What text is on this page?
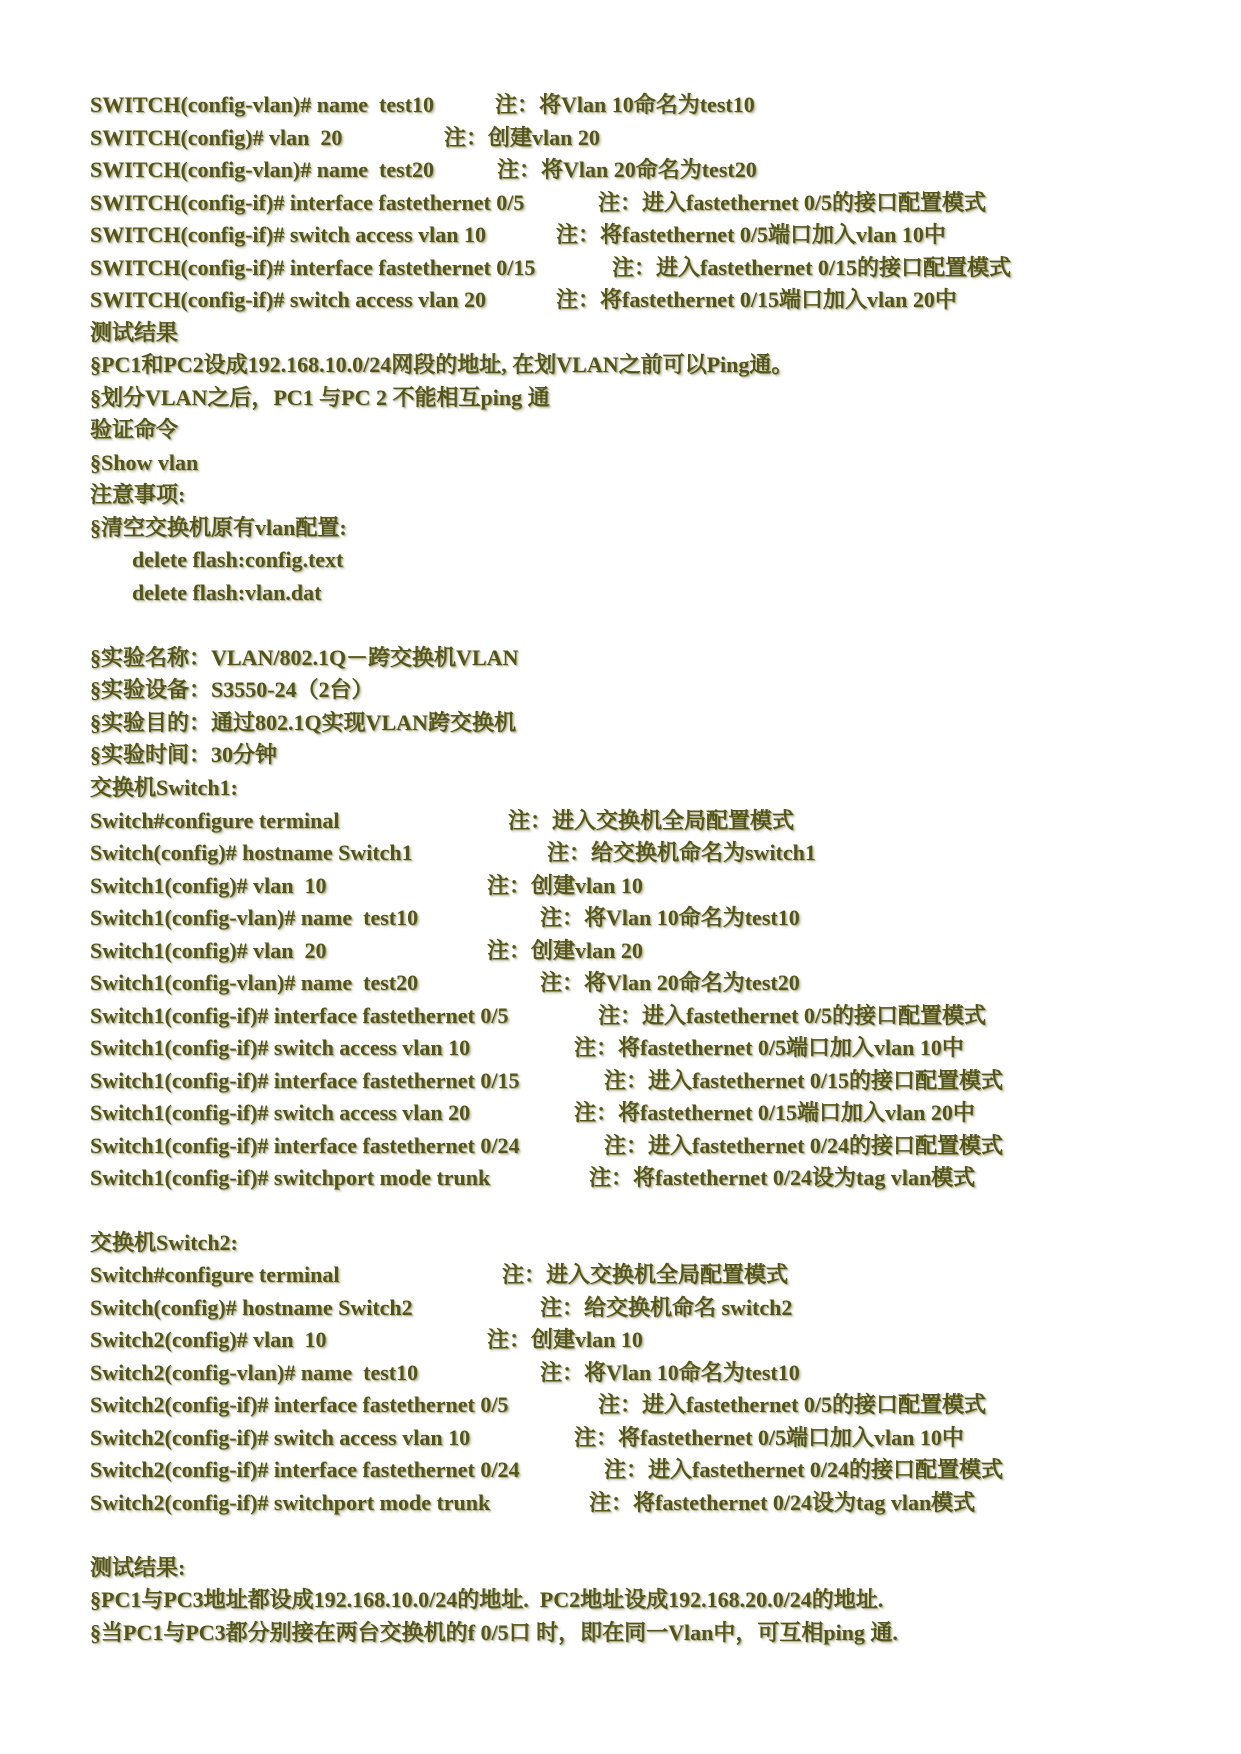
SWITCH(config-vlan)# name  test10	注：将Vlan 10命名为test10
SWITCH(config)# vlan  20	注：创建vlan 20
SWITCH(config-vlan)# name  test20	注：将Vlan 20命名为test20
SWITCH(config-if)# interface fastethernet 0/5	注：进入fastethernet 0/5的接口配置模式
SWITCH(config-if)# switch access vlan 10	注：将fastethernet 0/5端口加入vlan 10中
SWITCH(config-if)# interface fastethernet 0/15	注：进入fastethernet 0/15的接口配置模式
SWITCH(config-if)# switch access vlan 20	注：将fastethernet 0/15端口加入vlan 20中
测试结果
§PC1和PC2设成192.168.10.0/24网段的地址, 在划VLAN之前可以Ping通。
§划分VLAN之后，PC1 与PC 2 不能相互ping 通
验证命令
§Show vlan
注意事项:
§清空交换机原有vlan配置:
delete flash:config.text
delete flash:vlan.dat
§实验名称：VLAN/802.1Q－跨交换机VLAN
§实验设备：S3550-24（2台）
§实验目的：通过802.1Q实现VLAN跨交换机
§实验时间：30分钟
交换机Switch1:
Switch#configure terminal	注：进入交换机全局配置模式
Switch(config)# hostname Switch1	注：给交换机命名为switch1
Switch1(config)# vlan  10	注：创建vlan 10
Switch1(config-vlan)# name  test10	注：将Vlan 10命名为test10
Switch1(config)# vlan  20	注：创建vlan 20
Switch1(config-vlan)# name  test20	注：将Vlan 20命名为test20
Switch1(config-if)# interface fastethernet 0/5	注：进入fastethernet 0/5的接口配置模式
Switch1(config-if)# switch access vlan 10	注：将fastethernet 0/5端口加入vlan 10中
Switch1(config-if)# interface fastethernet 0/15	注：进入fastethernet 0/15的接口配置模式
Switch1(config-if)# switch access vlan 20	注：将fastethernet 0/15端口加入vlan 20中
Switch1(config-if)# interface fastethernet 0/24	注：进入fastethernet 0/24的接口配置模式
Switch1(config-if)# switchport mode trunk	注：将fastethernet 0/24设为tag vlan模式
交换机Switch2:
Switch#configure terminal	注：进入交换机全局配置模式
Switch(config)# hostname Switch2	注：给交换机命名 switch2
Switch2(config)# vlan  10	注：创建vlan 10
Switch2(config-vlan)# name  test10	注：将Vlan 10命名为test10
Switch2(config-if)# interface fastethernet 0/5	注：进入fastethernet 0/5的接口配置模式
Switch2(config-if)# switch access vlan 10	注：将fastethernet 0/5端口加入vlan 10中
Switch2(config-if)# interface fastethernet 0/24	注：进入fastethernet 0/24的接口配置模式
Switch2(config-if)# switchport mode trunk	注：将fastethernet 0/24设为tag vlan模式
测试结果:
§PC1与PC3地址都设成192.168.10.0/24的地址.  PC2地址设成192.168.20.0/24的地址.
§当PC1与PC3都分别接在两台交换机的f 0/5口 时，即在同一Vlan中，可互相ping 通.
